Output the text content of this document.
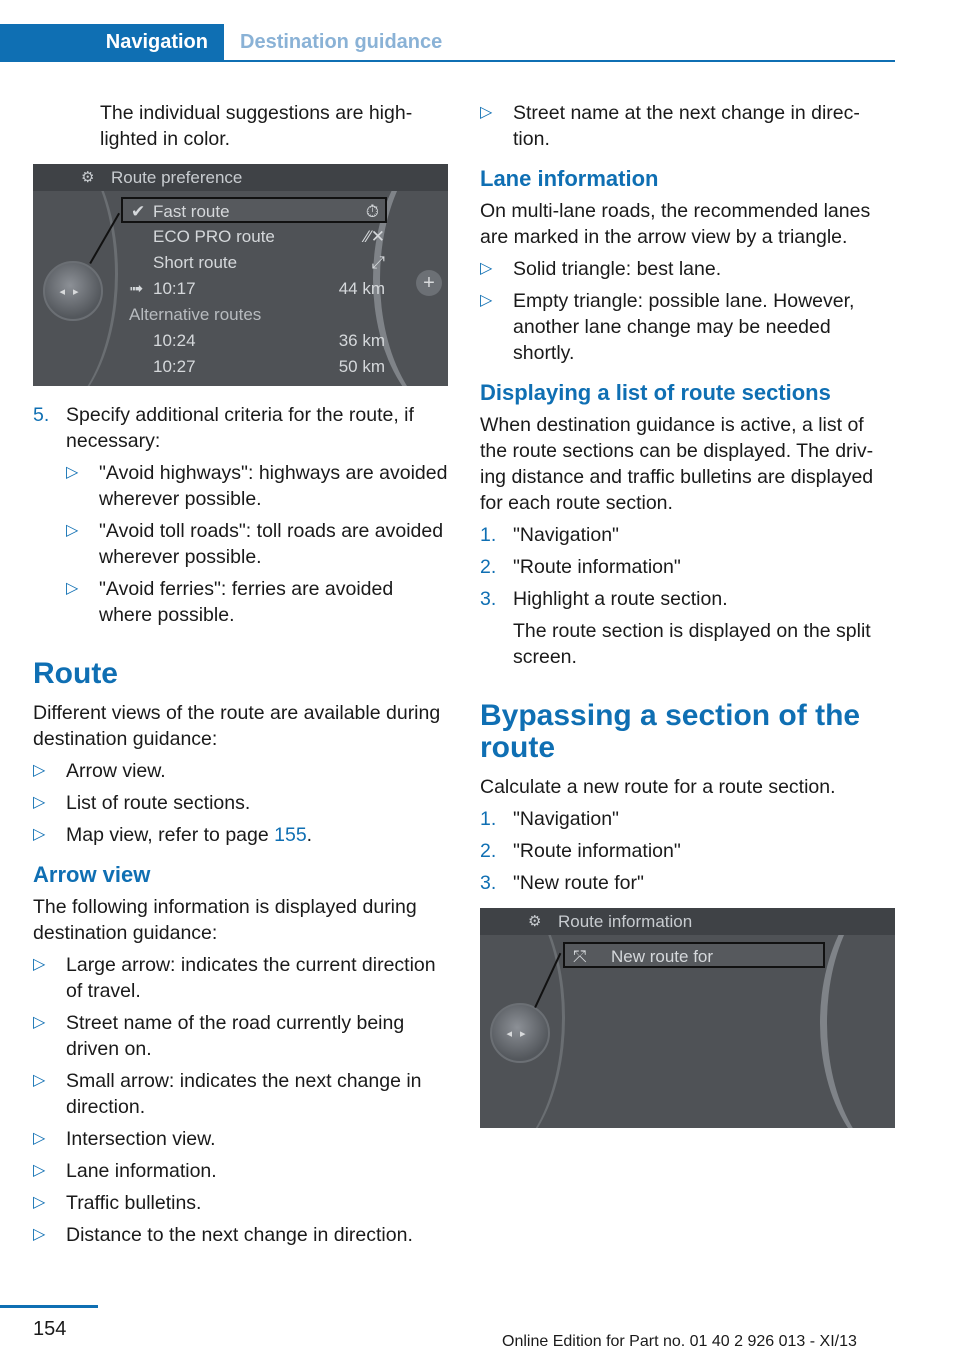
Navigation	Destination guidance

The individual suggestions are high-lighted in color.

Route preference
⚙
◂▸	+
✔ Fast route	⏱
ECO PRO route	⁄⁄✕
Short route	⤢
➟ 10:17	44 km
Alternative routes
10:24	36 km
10:27	50 km
5. Specify additional criteria for the route, if necessary:
▷ "Avoid highways": highways are avoided wherever possible.
▷ "Avoid toll roads": toll roads are avoided wherever possible.
▷ "Avoid ferries": ferries are avoided where possible.
Route

Different views of the route are available during destination guidance:

▷ Arrow view.
▷ List of route sections.
▷ Map view, refer to page 155.
Arrow view

The following information is displayed during destination guidance:

▷ Large arrow: indicates the current direction of travel.
▷ Street name of the road currently being driven on.
▷ Small arrow: indicates the next change in direction.
▷ Intersection view.
▷ Lane information.
▷ Traffic bulletins.
▷ Distance to the next change in direction.
▷ Street name at the next change in direc-tion.
Lane information

On multi-lane roads, the recommended lanes are marked in the arrow view by a triangle.

▷ Solid triangle: best lane.
▷ Empty triangle: possible lane. However, another lane change may be needed shortly.
Displaying a list of route sections

When destination guidance is active, a list of the route sections can be displayed. The driv-ing distance and traffic bulletins are displayed for each route section.

1. "Navigation"
2. "Route information"
3. Highlight a route section.
The route section is displayed on the split screen.
Bypassing a section of the route

Calculate a new route for a route section.

1. "Navigation"
2. "Route information"
3. "New route for"
Route information
⚙
◂▸
⤧ New route for
154
Online Edition for Part no. 01 40 2 926 013 - XI/13
